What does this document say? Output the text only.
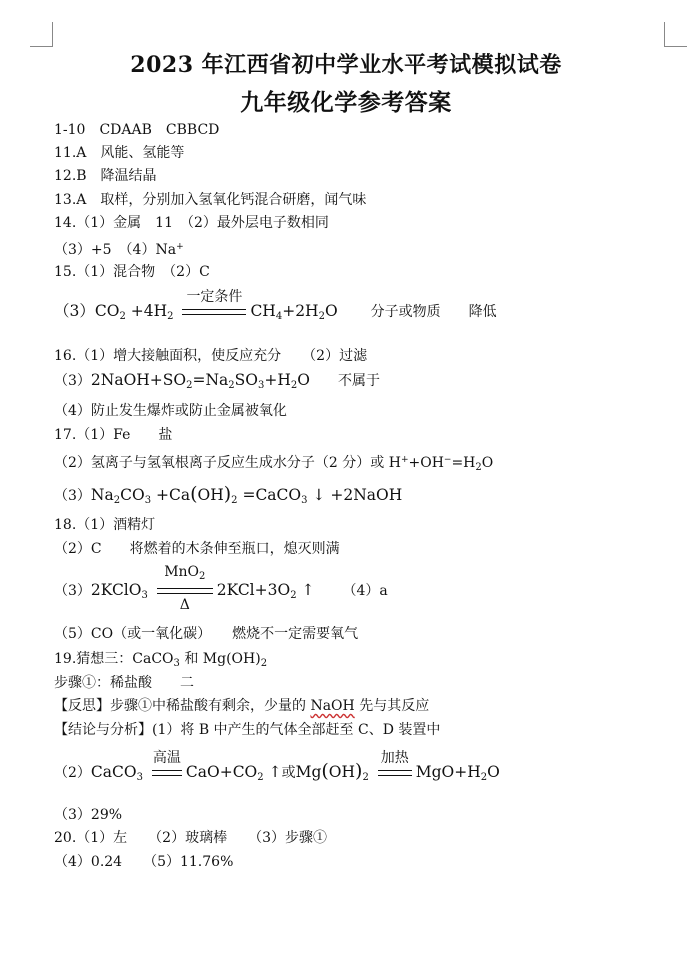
2023 年江西省初中学业水平考试模拟试卷
九年级化学参考答案
1-10　CDAAB　CBBCD
11.A　风能、氢能等
12.B　降温结晶
13.A　取样，分别加入氢氧化钙混合研磨，闻气味
14.（1）金属　11　（2）最外层电子数相同
（3）+5　（4）Na+
15.（1）混合物　（2）C
$(3)CO_2 +4H_2$
一定条件
$CH_4+2H_2O$ 分子或物质 降低
16.（1）增大接触面积，使反应充分　　（2）过滤
$(3)2NaOH+SO_2=Na_2SO_3+H_2O$ 不属于
（4）防止发生爆炸或防止金属被氧化
17.（1）Fe　　盐
（2）氢离子与氢氧根离子反应生成水分子（2 分）或 $H^++OH^-=H_2O$
$(3)Na_2CO_3 +Ca(OH)_2$ =CaCO$_3$ ↓ +2NaOH
18.（1）酒精灯
（2）C　　将燃着的木条伸至瓶口，熄灭则满
（3）2KClO$_3$
MnO$_2$
Δ
$2KCl+3O_2$ ↑ （4）a
（5）CO（或一氧化碳）　　燃烧不一定需要氧气
19.猜想三：CaCO$_3$ 和 $Mg(OH)_2$
步骤①：稀盐酸　　二
【反思】步骤①中稀盐酸有剩余，少量的 NaOH 先与其反应
【结论与分析】(1）将 B 中产生的气体全部赶至 C、D 装置中
（2）CaCO$_3$
高温
$CaO+CO_2$ ↑或$Mg(OH)_2$
加热
$MgO+H_2O$
（3）29%
20.（1）左　　（2）玻璃棒　　（3）步骤①
（4）0.24　　（5）11.76%
